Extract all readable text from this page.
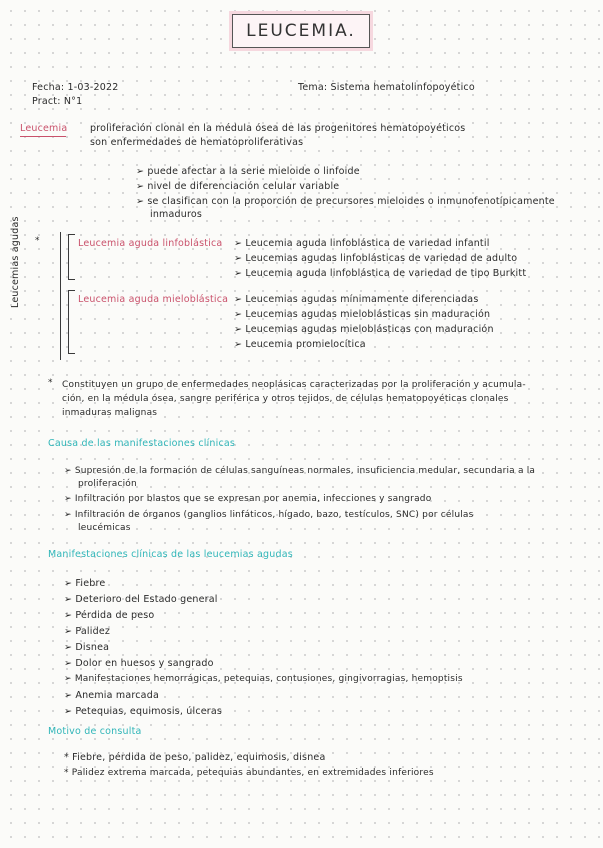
LEUCEMIA.
Fecha: 1-03-2022
Pract: N°1
Tema: Sistema hematolinfopoyético
Leucemia proliferación clonal en la médula ósea de las progenitores hematopoyéticos
son enfermedades de hematoproliferativas
➢ puede afectar a la serie mieloide o linfoide
➢ nivel de diferenciación celular variable
➢ se clasifican con la proporción de precursores mieloides o inmunofenotípicamente
inmaduros
Leucemias agudas *	Leucemia aguda linfoblástica ➢ Leucemia aguda linfoblástica de variedad infantil
➢ Leucemias agudas linfoblásticas de variedad de adulto
➢ Leucemia aguda linfoblástica de variedad de tipo Burkitt
Leucemia aguda mieloblástica ➢ Leucemias agudas mínimamente diferenciadas
➢ Leucemias agudas mieloblásticas sin maduración
➢ Leucemias agudas mieloblásticas con maduración
➢ Leucemia promielocítica
* Constituyen un grupo de enfermedades neoplásicas caracterizadas por la proliferación y acumula-
ción, en la médula ósea, sangre periférica y otros tejidos, de células hematopoyéticas clonales
inmaduras malignas
Causa de las manifestaciones clínicas
➢ Supresión de la formación de células sanguíneas normales, insuficiencia medular, secundaria a la
proliferación
➢ Infiltración por blastos que se expresan por anemia, infecciones y sangrado
➢ Infiltración de órganos (ganglios linfáticos, hígado, bazo, testículos, SNC) por células
leucémicas
Manifestaciones clínicas de las leucemias agudas
➢ Fiebre
➢ Deterioro del Estado general
➢ Pérdida de peso
➢ Palidez
➢ Disnea
➢ Dolor en huesos y sangrado
➢ Manifestaciones hemorrágicas, petequias, contusiones, gingivorragias, hemoptisis
➢ Anemia marcada
➢ Petequias, equimosis, úlceras
Motivo de consulta
* Fiebre, pérdida de peso, palidez, equimosis, disnea
* Palidez extrema marcada, petequias abundantes, en extremidades inferiores
